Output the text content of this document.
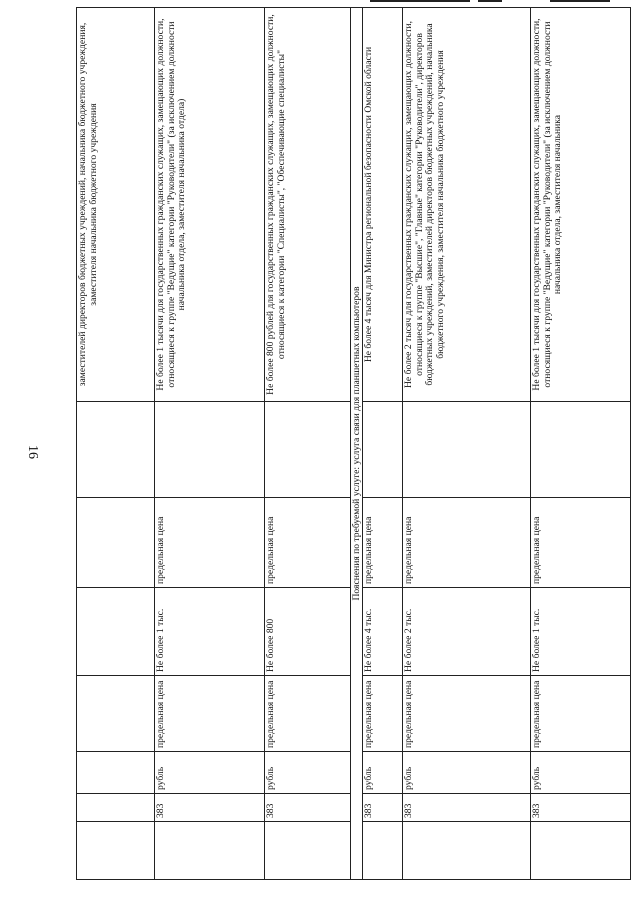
16
							заместителей директоров бюджетных учреждений, начальника бюджетного учреждения, заместителя начальника бюджетного учреждения
	383	рубль	предельная цена	Не более 1 тыс.	предельная цена		Не более 1 тысячи для государственных гражданских служащих, замещающих должности, относящиеся к группе "Ведущие" категории "Руководители" (за исключением должности начальника отдела, заместителя начальника отдела)
	383	рубль	предельная цена	Не более 800	предельная цена		Не более 800 рублей для государственных гражданских служащих, замещающих должности, относящиеся к категории "Специалисты", "Обеспечивающие специалисты"
Пояснения по требуемой услуге: услуга связи для планшетных компьютеров							
	383	рубль	предельная цена	Не более 4 тыс.	предельная цена		Не более 4 тысяч для Министра региональной безопасности Омской области
	383	рубль	предельная цена	Не более 2 тыс.	предельная цена		Не более 2 тысяч для государственных гражданских служащих, замещающих должности, относящиеся к группе "Высшие", "Главные" категории "Руководители", директоров бюджетных учреждений, заместителей директоров бюджетных учреждений, начальника бюджетного учреждения, заместителя начальника бюджетного учреждения
	383	рубль	предельная цена	Не более 1 тыс.	предельная цена		Не более 1 тысячи для государственных гражданских служащих, замещающих должности, относящиеся к группе "Ведущие" категории "Руководители" (за исключением должности начальника отдела, заместителя начальника
